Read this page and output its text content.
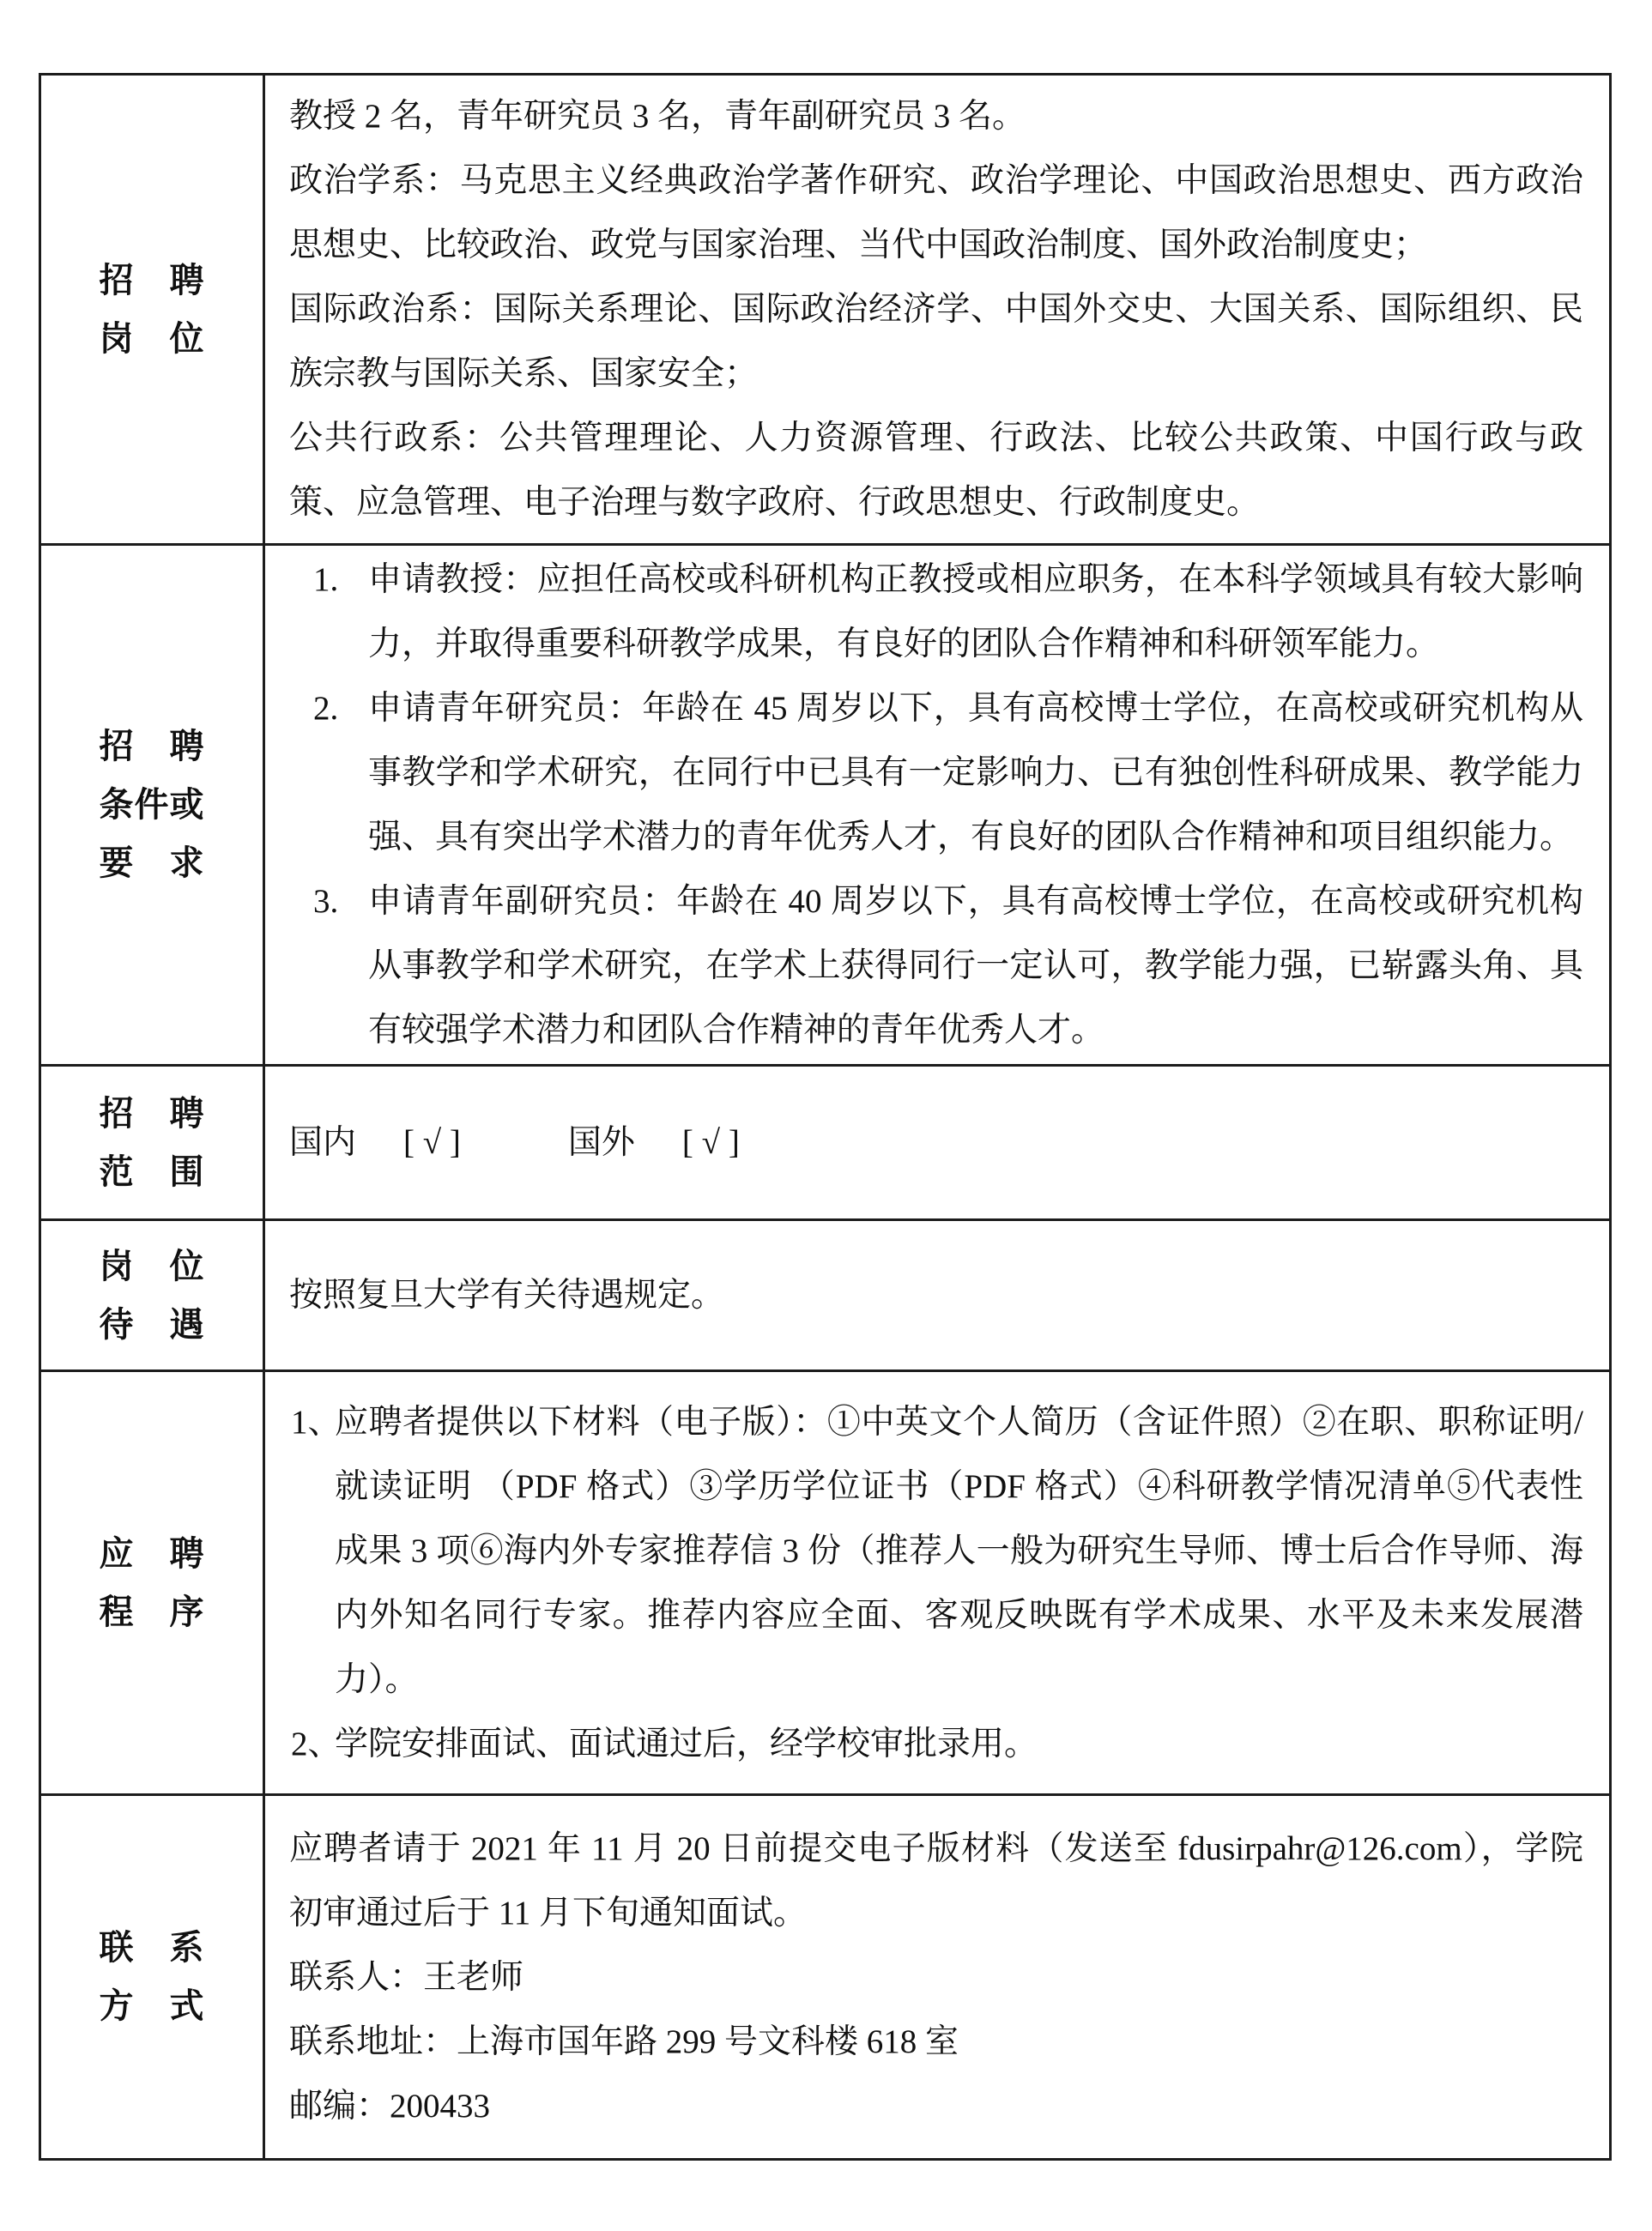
招　聘
岗　位
教授 2 名，青年研究员 3 名，青年副研究员 3 名。
政治学系：马克思主义经典政治学著作研究、政治学理论、中国政治思想史、西方政治思想史、比较政治、政党与国家治理、当代中国政治制度、国外政治制度史；
国际政治系：国际关系理论、国际政治经济学、中国外交史、大国关系、国际组织、民族宗教与国际关系、国家安全；
公共行政系：公共管理理论、人力资源管理、行政法、比较公共政策、中国行政与政策、应急管理、电子治理与数字政府、行政思想史、行政制度史。
招　聘
条件或
要　求
1. 申请教授：应担任高校或科研机构正教授或相应职务，在本科学领域具有较大影响力，并取得重要科研教学成果，有良好的团队合作精神和科研领军能力。
2. 申请青年研究员：年龄在 45 周岁以下，具有高校博士学位，在高校或研究机构从事教学和学术研究，在同行中已具有一定影响力、已有独创性科研成果、教学能力强、具有突出学术潜力的青年优秀人才，有良好的团队合作精神和项目组织能力。
3. 申请青年副研究员：年龄在 40 周岁以下，具有高校博士学位，在高校或研究机构从事教学和学术研究，在学术上获得同行一定认可，教学能力强，已崭露头角、具有较强学术潜力和团队合作精神的青年优秀人才。
招　聘
范　围
国内 [ √ ]	国外 [ √ ]
岗　位
待　遇
按照复旦大学有关待遇规定。
应　聘
程　序
1、
应聘者提供以下材料（电子版）：①中英文个人简历（含证件照）②在职、职称证明/就读证明 （PDF 格式）③学历学位证书（PDF 格式）④科研教学情况清单⑤代表性成果 3 项⑥海内外专家推荐信 3 份（推荐人一般为研究生导师、博士后合作导师、海内外知名同行专家。推荐内容应全面、客观反映既有学术成果、水平及未来发展潜力）。
2、
学院安排面试、面试通过后，经学校审批录用。
联　系
方　式
应聘者请于 2021 年 11 月 20 日前提交电子版材料（发送至 fdusirpahr@126.com），学院初审通过后于 11 月下旬通知面试。
联系人：王老师
联系地址：上海市国年路 299 号文科楼 618 室
邮编：200433
